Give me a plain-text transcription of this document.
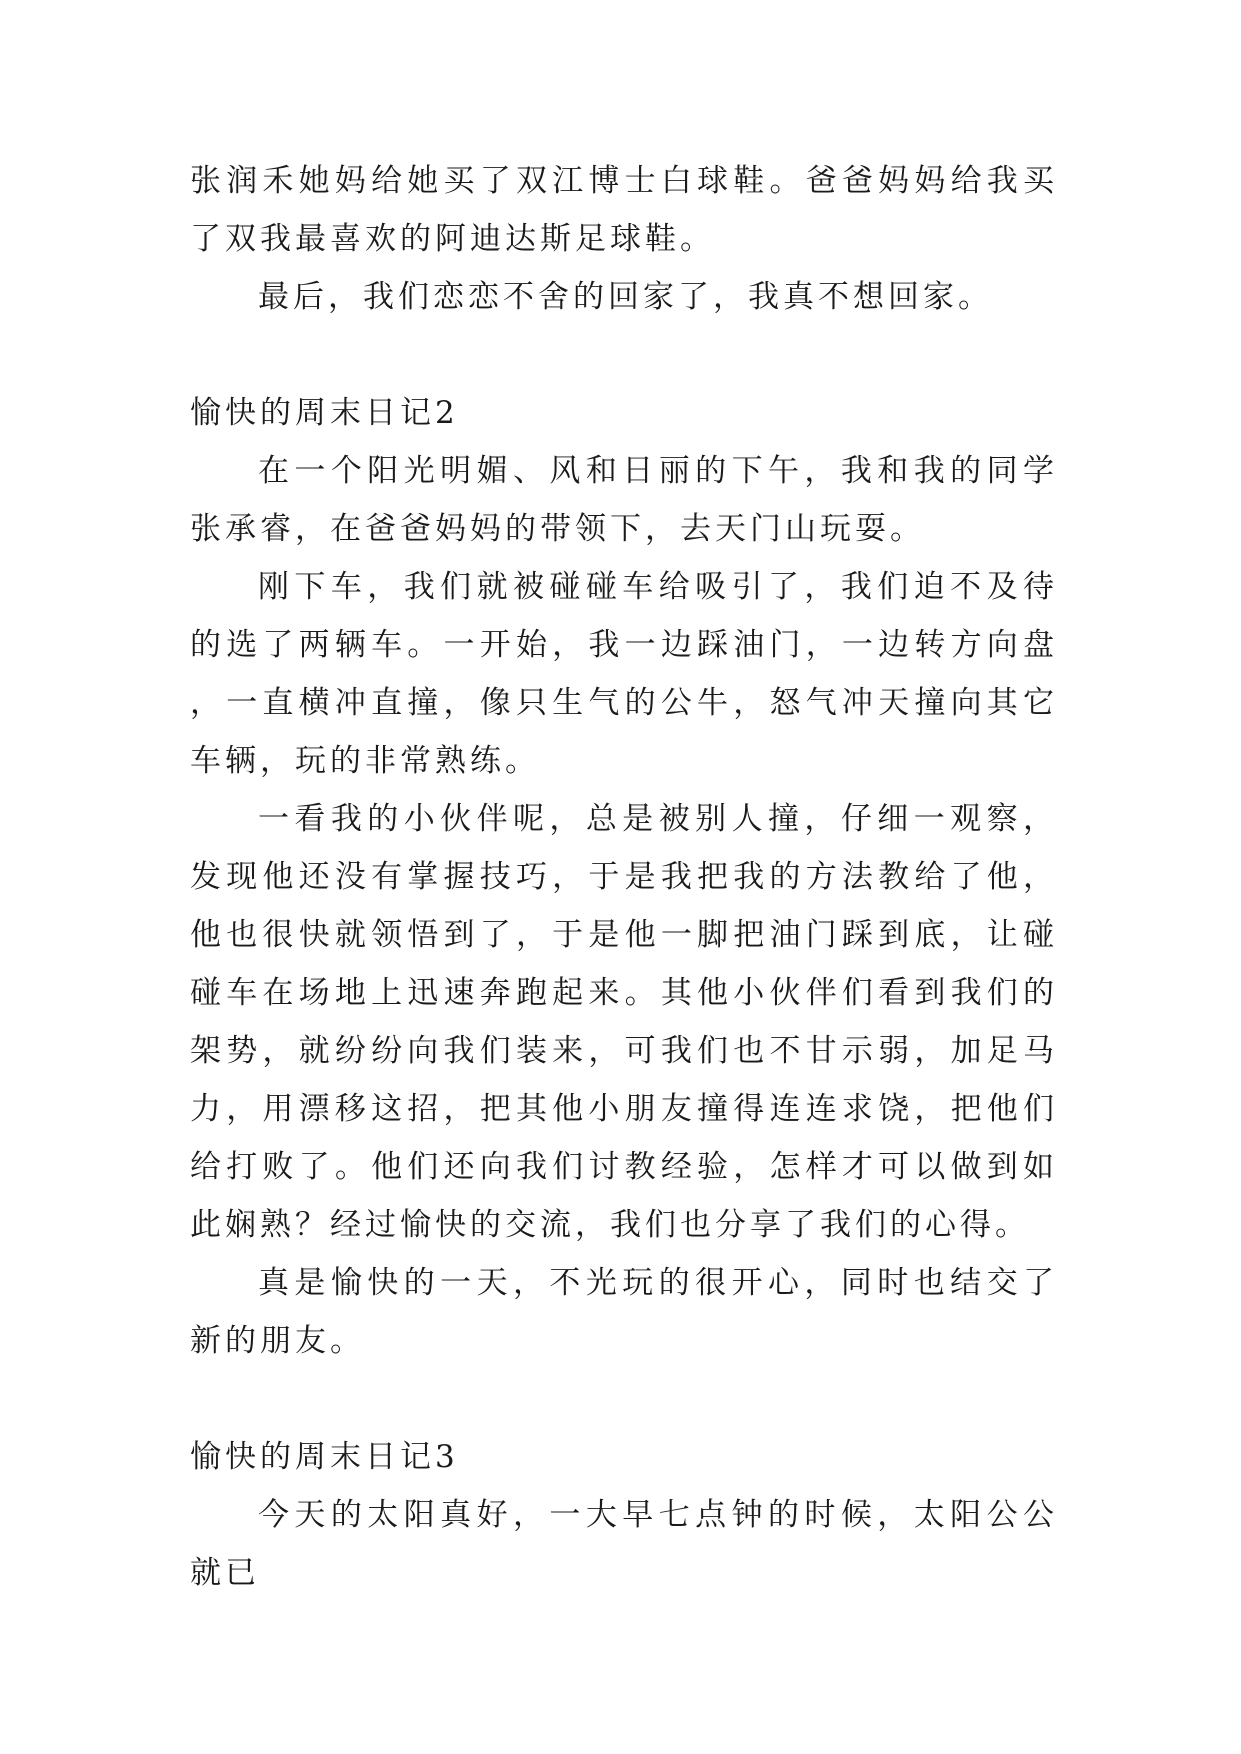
张润禾她妈给她买了双江博士白球鞋。爸爸妈妈给我买了双我最喜欢的阿迪达斯足球鞋。

最后，我们恋恋不舍的回家了，我真不想回家。

愉快的周末日记2

在一个阳光明媚、风和日丽的下午，我和我的同学张承睿，在爸爸妈妈的带领下，去天门山玩耍。

刚下车，我们就被碰碰车给吸引了，我们迫不及待的选了两辆车。一开始，我一边踩油门，一边转方向盘，一直横冲直撞，像只生气的公牛，怒气冲天撞向其它车辆，玩的非常熟练。

一看我的小伙伴呢，总是被别人撞，仔细一观察，发现他还没有掌握技巧，于是我把我的方法教给了他，他也很快就领悟到了，于是他一脚把油门踩到底，让碰碰车在场地上迅速奔跑起来。其他小伙伴们看到我们的架势，就纷纷向我们装来，可我们也不甘示弱，加足马力，用漂移这招，把其他小朋友撞得连连求饶，把他们给打败了。他们还向我们讨教经验，怎样才可以做到如此娴熟？经过愉快的交流，我们也分享了我们的心得。

真是愉快的一天，不光玩的很开心，同时也结交了新的朋友。

愉快的周末日记3

今天的太阳真好，一大早七点钟的时候，太阳公公就已
